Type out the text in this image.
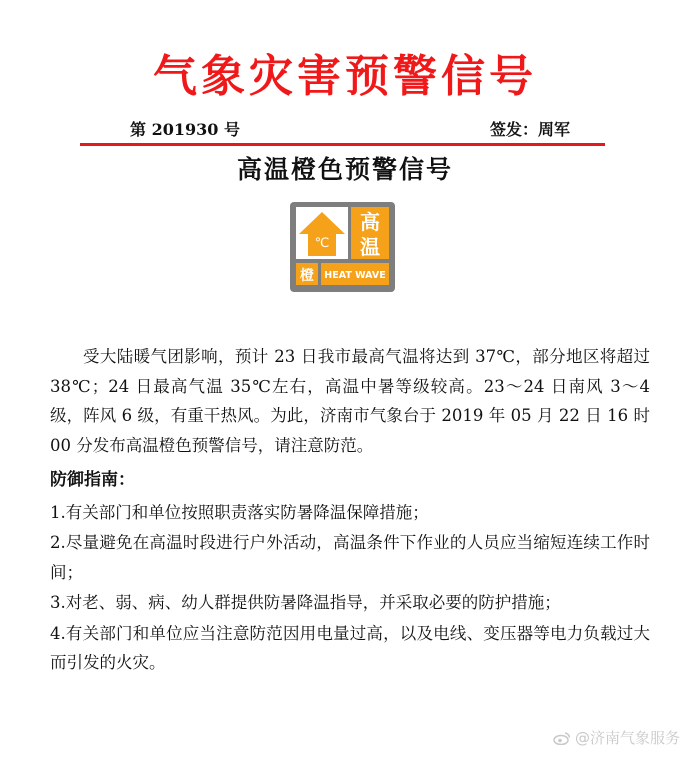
气象灾害预警信号
第 201930 号	签发：周军
高温橙色预警信号
℃
高
温
橙 HEAT WAVE

受大陆暖气团影响，预计 23 日我市最高气温将达到 37℃，部分地区将超过 38℃；24 日最高气温 35℃左右，高温中暑等级较高。23～24 日南风 3～4 级，阵风 6 级，有重干热风。为此，济南市气象台于 2019 年 05 月 22 日 16 时 00 分发布高温橙色预警信号，请注意防范。

防御指南：
1.有关部门和单位按照职责落实防暑降温保障措施；
2.尽量避免在高温时段进行户外活动，高温条件下作业的人员应当缩短连续工作时间；
3.对老、弱、病、幼人群提供防暑降温指导，并采取必要的防护措施；
4.有关部门和单位应当注意防范因用电量过高，以及电线、变压器等电力负载过大而引发的火灾。
@济南气象服务
